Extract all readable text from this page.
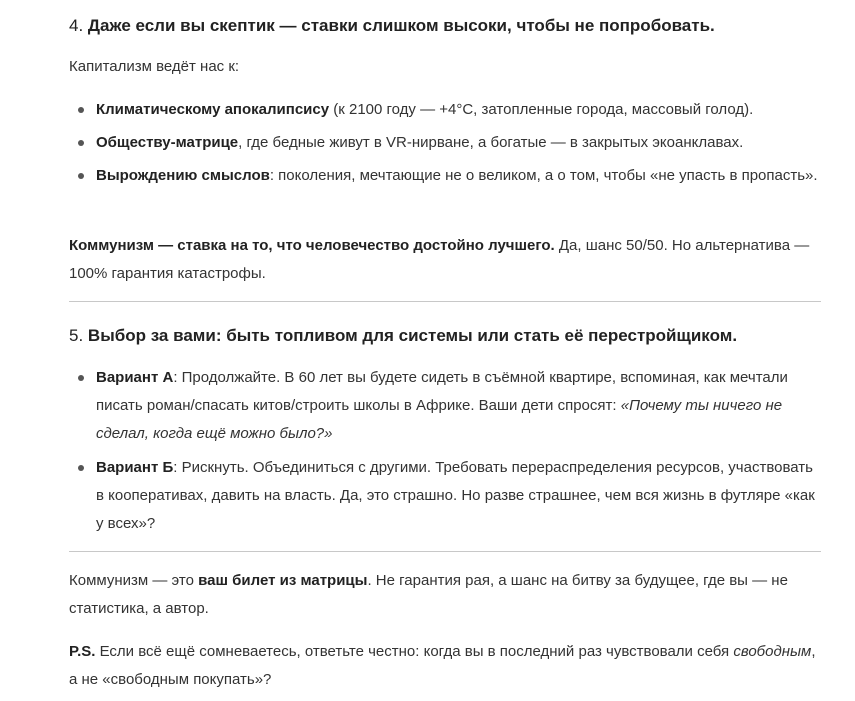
4. Даже если вы скептик — ставки слишком высоки, чтобы не попробовать.

Капитализм ведёт нас к:

Климатическому апокалипсису (к 2100 году — +4°C, затопленные города, массовый голод).
Обществу-матрице, где бедные живут в VR-нирване, а богатые — в закрытых экоанклавах.
Вырождению смыслов: поколения, мечтающие не о великом, а о том, чтобы «не упасть в пропасть».

Коммунизм — ставка на то, что человечество достойно лучшего. Да, шанс 50/50. Но альтернатива — 100% гарантия катастрофы.

5. Выбор за вами: быть топливом для системы или стать её перестройщиком.
Вариант А: Продолжайте. В 60 лет вы будете сидеть в съёмной квартире, вспоминая, как мечтали писать роман/спасать китов/строить школы в Африке. Ваши дети спросят: «Почему ты ничего не сделал, когда ещё можно было?»
Вариант Б: Рискнуть. Объединиться с другими. Требовать перераспределения ресурсов, участвовать в кооперативах, давить на власть. Да, это страшно. Но разве страшнее, чем вся жизнь в футляре «как у всех»?

Коммунизм — это ваш билет из матрицы. Не гарантия рая, а шанс на битву за будущее, где вы — не статистика, а автор.

P.S. Если всё ещё сомневаетесь, ответьте честно: когда вы в последний раз чувствовали себя свободным, а не «свободным покупать»?
